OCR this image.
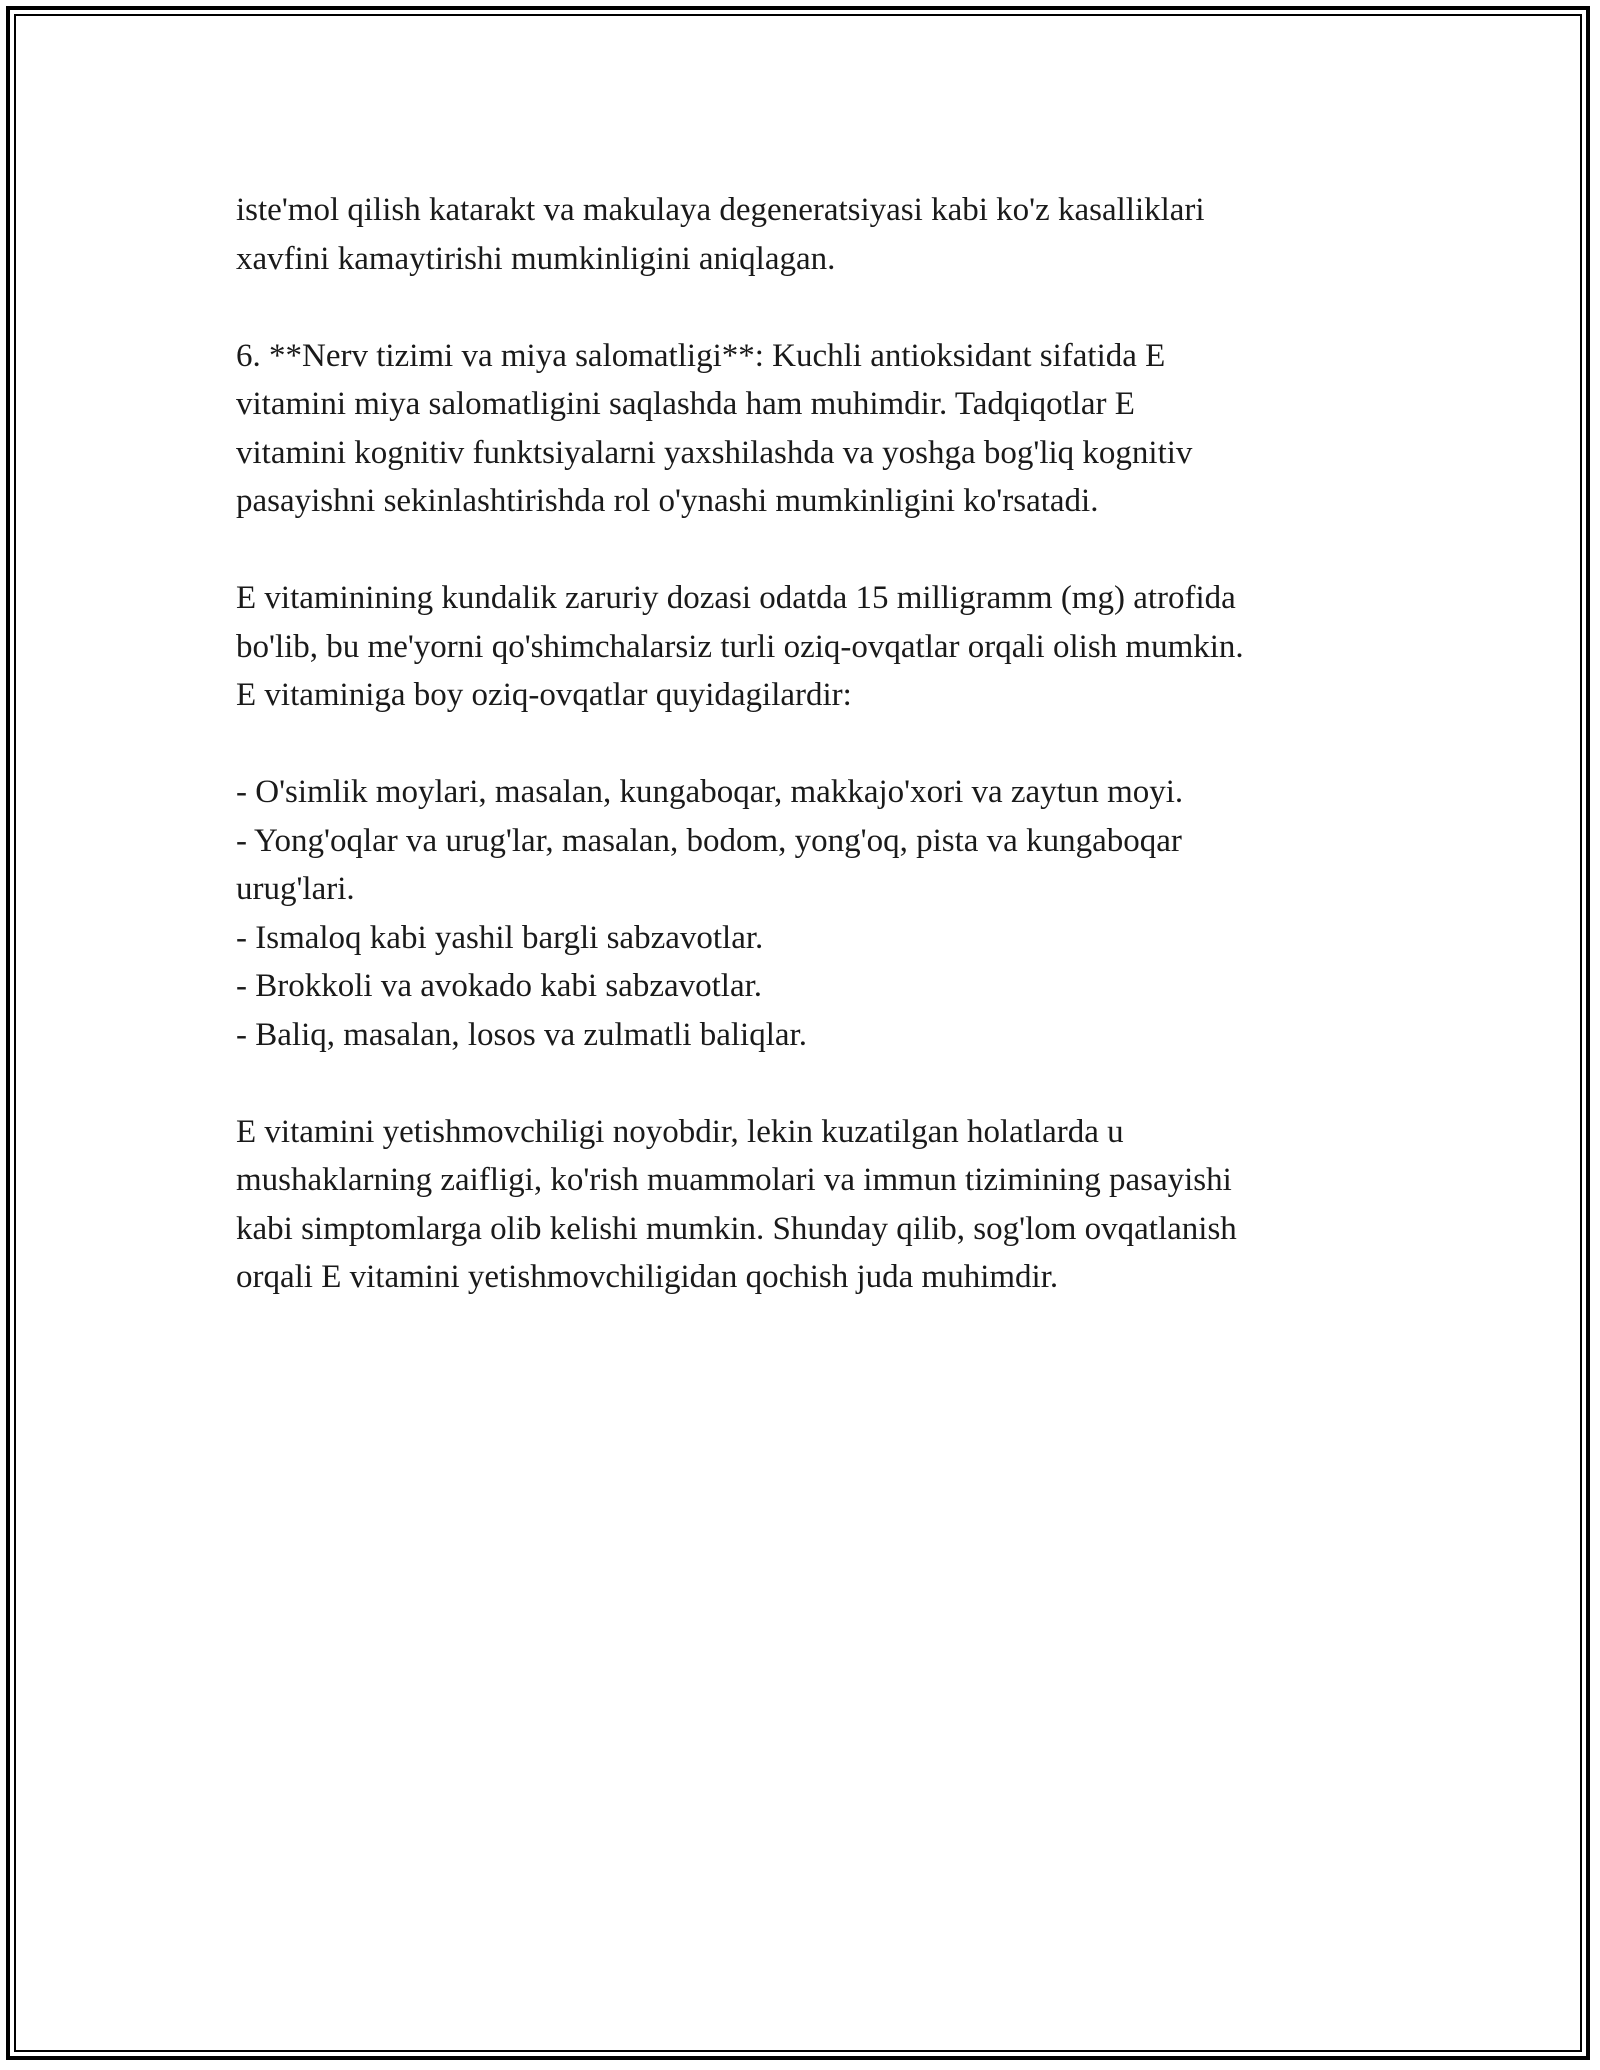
iste'mol qilish katarakt va makulaya degeneratsiyasi kabi ko'z kasalliklari
xavfini kamaytirishi mumkinligini aniqlagan.
6. **Nerv tizimi va miya salomatligi**: Kuchli antioksidant sifatida E
vitamini miya salomatligini saqlashda ham muhimdir. Tadqiqotlar E
vitamini kognitiv funktsiyalarni yaxshilashda va yoshga bog'liq kognitiv
pasayishni sekinlashtirishda rol o'ynashi mumkinligini ko'rsatadi.
E vitaminining kundalik zaruriy dozasi odatda 15 milligramm (mg) atrofida
bo'lib, bu me'yorni qo'shimchalarsiz turli oziq-ovqatlar orqali olish mumkin.
E vitaminiga boy oziq-ovqatlar quyidagilardir:
- O'simlik moylari, masalan, kungaboqar, makkajo'xori va zaytun moyi.
- Yong'oqlar va urug'lar, masalan, bodom, yong'oq, pista va kungaboqar
urug'lari.
- Ismaloq kabi yashil bargli sabzavotlar.
- Brokkoli va avokado kabi sabzavotlar.
- Baliq, masalan, losos va zulmatli baliqlar.
E vitamini yetishmovchiligi noyobdir, lekin kuzatilgan holatlarda u
mushaklarning zaifligi, ko'rish muammolari va immun tizimining pasayishi
kabi simptomlarga olib kelishi mumkin. Shunday qilib, sog'lom ovqatlanish
orqali E vitamini yetishmovchiligidan qochish juda muhimdir.
